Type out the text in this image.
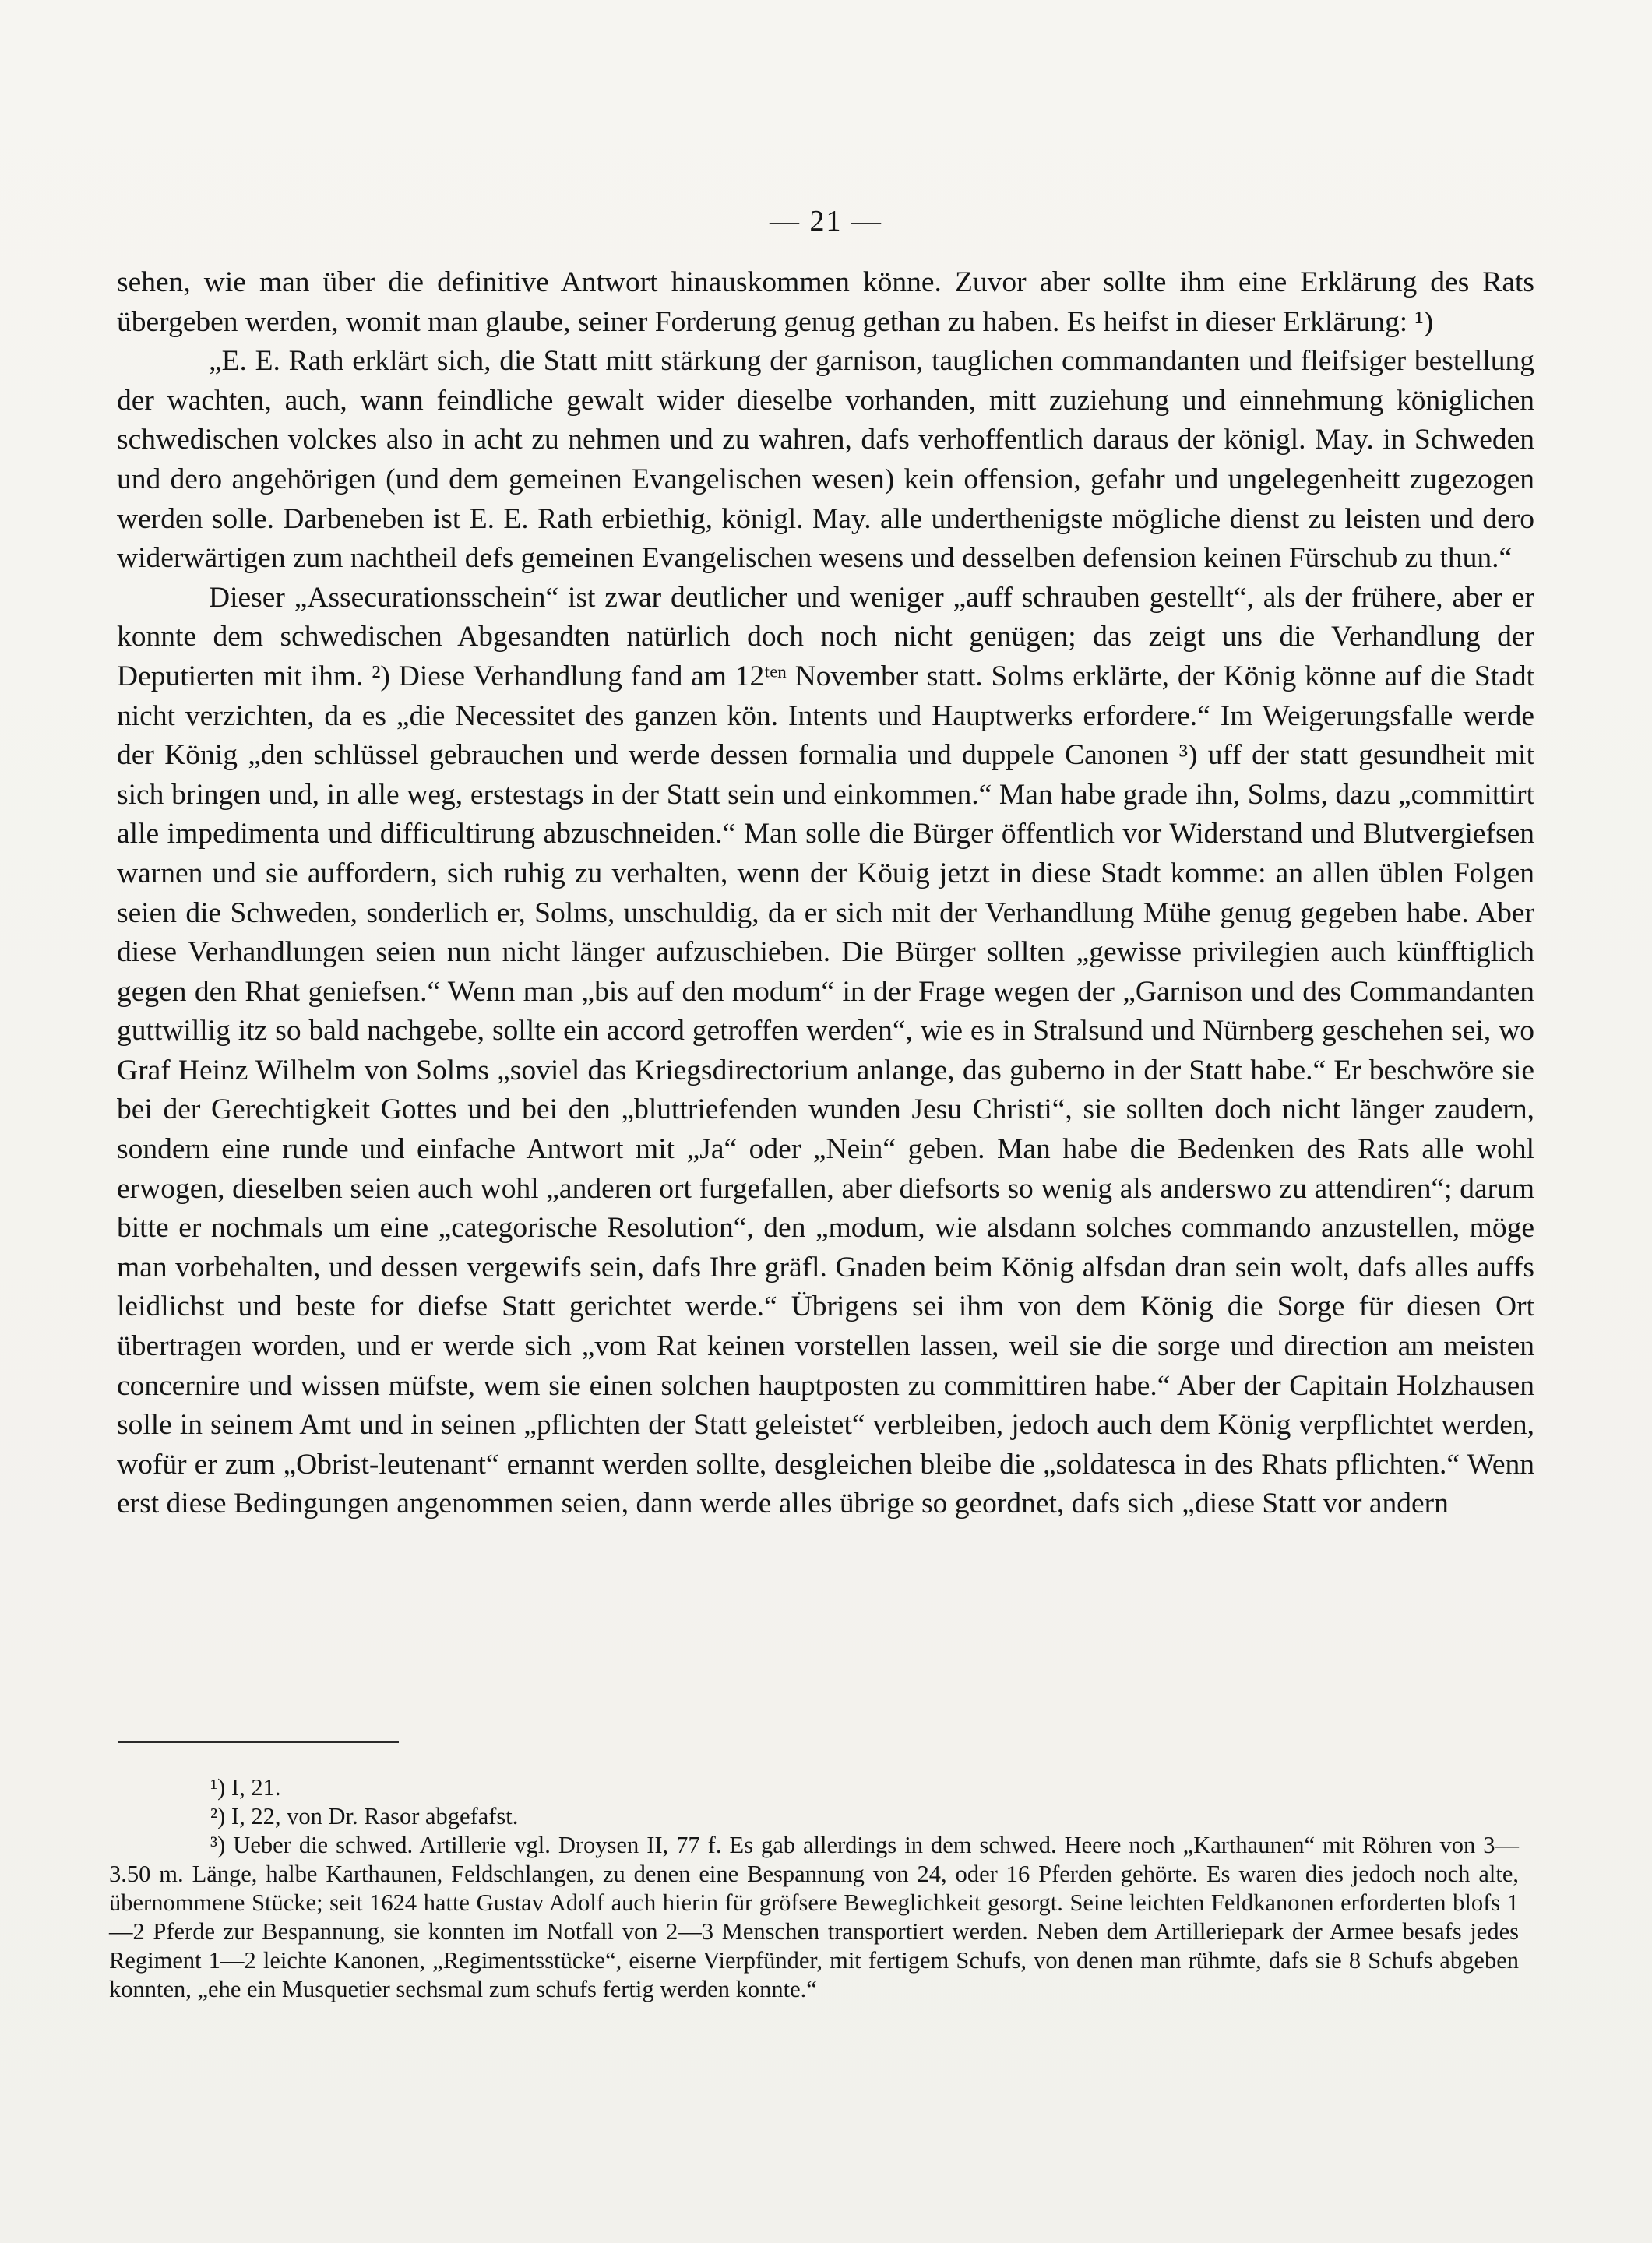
— 21 —

sehen, wie man über die definitive Antwort hinauskommen könne. Zuvor aber sollte ihm eine Erklärung des Rats übergeben werden, womit man glaube, seiner Forderung genug gethan zu haben. Es heifst in dieser Erklärung: ¹)

„E. E. Rath erklärt sich, die Statt mitt stärkung der garnison, tauglichen commandanten und fleifsiger bestellung der wachten, auch, wann feindliche gewalt wider dieselbe vorhanden, mitt zuziehung und einnehmung königlichen schwedischen volckes also in acht zu nehmen und zu wahren, dafs verhoffentlich daraus der königl. May. in Schweden und dero angehörigen (und dem gemeinen Evangelischen wesen) kein offension, gefahr und ungelegenheitt zugezogen werden solle. Darbeneben ist E. E. Rath erbiethig, königl. May. alle underthenigste mögliche dienst zu leisten und dero widerwärtigen zum nachtheil defs gemeinen Evangelischen wesens und desselben defension keinen Fürschub zu thun.“

Dieser „Assecurationsschein“ ist zwar deutlicher und weniger „auff schrauben gestellt“, als der frühere, aber er konnte dem schwedischen Abgesandten natürlich doch noch nicht genügen; das zeigt uns die Verhandlung der Deputierten mit ihm. ²) Diese Verhandlung fand am 12ᵗᵉⁿ November statt. Solms erklärte, der König könne auf die Stadt nicht verzichten, da es „die Necessitet des ganzen kön. Intents und Hauptwerks erfordere.“ Im Weigerungsfalle werde der König „den schlüssel gebrauchen und werde dessen formalia und duppele Canonen ³) uff der statt gesundheit mit sich bringen und, in alle weg, erstestags in der Statt sein und einkommen.“ Man habe grade ihn, Solms, dazu „committirt alle impedimenta und difficultirung abzuschneiden.“ Man solle die Bürger öffentlich vor Widerstand und Blutvergiefsen warnen und sie auffordern, sich ruhig zu verhalten, wenn der Köuig jetzt in diese Stadt komme: an allen üblen Folgen seien die Schweden, sonderlich er, Solms, unschuldig, da er sich mit der Verhandlung Mühe genug gegeben habe. Aber diese Verhandlungen seien nun nicht länger aufzuschieben. Die Bürger sollten „gewisse privilegien auch künfftiglich gegen den Rhat geniefsen.“ Wenn man „bis auf den modum“ in der Frage wegen der „Garnison und des Commandanten guttwillig itz so bald nachgebe, sollte ein accord getroffen werden“, wie es in Stralsund und Nürnberg geschehen sei, wo Graf Heinz Wilhelm von Solms „soviel das Kriegsdirectorium anlange, das guberno in der Statt habe.“ Er beschwöre sie bei der Gerechtigkeit Gottes und bei den „bluttriefenden wunden Jesu Christi“, sie sollten doch nicht länger zaudern, sondern eine runde und einfache Antwort mit „Ja“ oder „Nein“ geben. Man habe die Bedenken des Rats alle wohl erwogen, dieselben seien auch wohl „anderen ort furgefallen, aber diefsorts so wenig als anderswo zu attendiren“; darum bitte er nochmals um eine „categorische Resolution“, den „modum, wie alsdann solches commando anzustellen, möge man vorbehalten, und dessen vergewifs sein, dafs Ihre gräfl. Gnaden beim König alfsdan dran sein wolt, dafs alles auffs leidlichst und beste for diefse Statt gerichtet werde.“ Übrigens sei ihm von dem König die Sorge für diesen Ort übertragen worden, und er werde sich „vom Rat keinen vorstellen lassen, weil sie die sorge und direction am meisten concernire und wissen müfste, wem sie einen solchen hauptposten zu committiren habe.“ Aber der Capitain Holzhausen solle in seinem Amt und in seinen „pflichten der Statt geleistet“ verbleiben, jedoch auch dem König verpflichtet werden, wofür er zum „Obrist-leutenant“ ernannt werden sollte, desgleichen bleibe die „soldatesca in des Rhats pflichten.“ Wenn erst diese Bedingungen angenommen seien, dann werde alles übrige so geordnet, dafs sich „diese Statt vor andern

¹) I, 21.

²) I, 22, von Dr. Rasor abgefafst.

³) Ueber die schwed. Artillerie vgl. Droysen II, 77 f. Es gab allerdings in dem schwed. Heere noch „Karthaunen“ mit Röhren von 3—3.50 m. Länge, halbe Karthaunen, Feldschlangen, zu denen eine Bespannung von 24, oder 16 Pferden gehörte. Es waren dies jedoch noch alte, übernommene Stücke; seit 1624 hatte Gustav Adolf auch hierin für gröfsere Beweglichkeit gesorgt. Seine leichten Feldkanonen erforderten blofs 1—2 Pferde zur Bespannung, sie konnten im Notfall von 2—3 Menschen transportiert werden. Neben dem Artilleriepark der Armee besafs jedes Regiment 1—2 leichte Kanonen, „Regimentsstücke“, eiserne Vierpfünder, mit fertigem Schufs, von denen man rühmte, dafs sie 8 Schufs abgeben konnten, „ehe ein Musquetier sechsmal zum schufs fertig werden konnte.“
